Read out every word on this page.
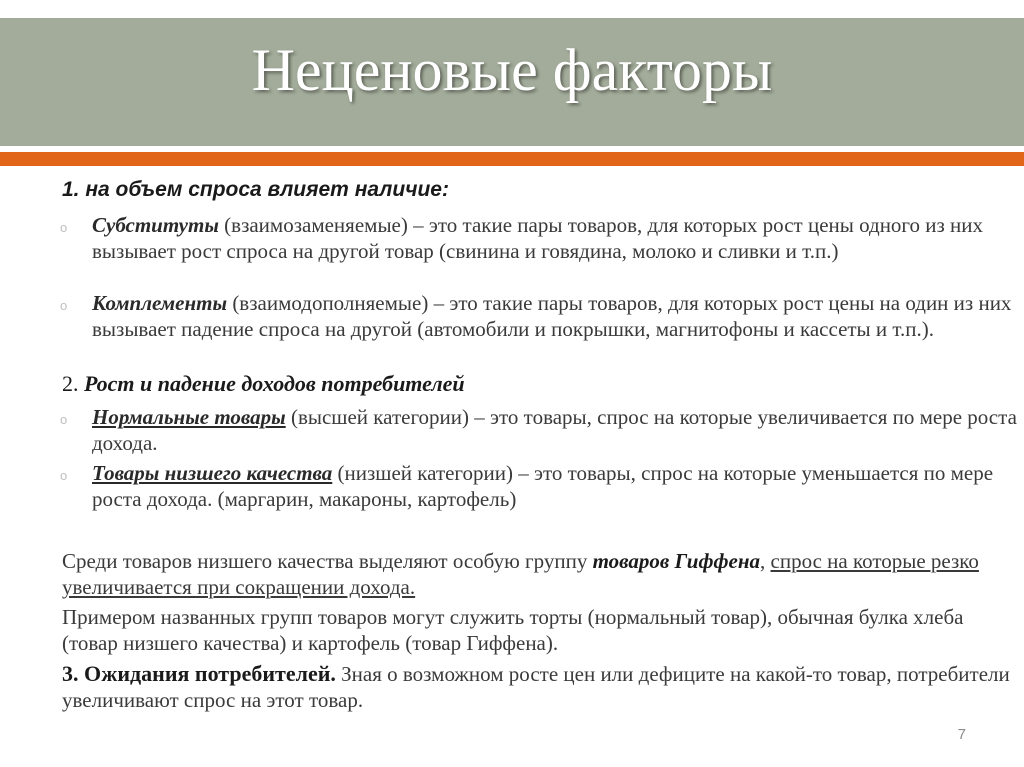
Неценовые факторы
1. на объем спроса влияет наличие:
o Субституты (взаимозаменяемые) – это такие пары товаров, для которых рост цены одного из них вызывает рост спроса на другой товар (свинина и говядина, молоко и сливки и т.п.)
o Комплементы (взаимодополняемые) – это такие пары товаров, для которых рост цены на один из них вызывает падение спроса на другой (автомобили и покрышки, магнитофоны и кассеты и т.п.).
2. Рост и падение доходов потребителей
o Нормальные товары (высшей категории) – это товары, спрос на которые увеличивается по мере роста дохода.
o Товары низшего качества (низшей категории) – это товары, спрос на которые уменьшается по мере роста дохода. (маргарин, макароны, картофель)
Среди товаров низшего качества выделяют особую группу товаров Гиффена, спрос на которые резко увеличивается при сокращении дохода.
Примером названных групп товаров могут служить торты (нормальный товар), обычная булка хлеба (товар низшего качества) и картофель (товар Гиффена).
3. Ожидания потребителей. Зная о возможном росте цен или дефиците на какой-то товар, потребители увеличивают спрос на этот товар.
7
